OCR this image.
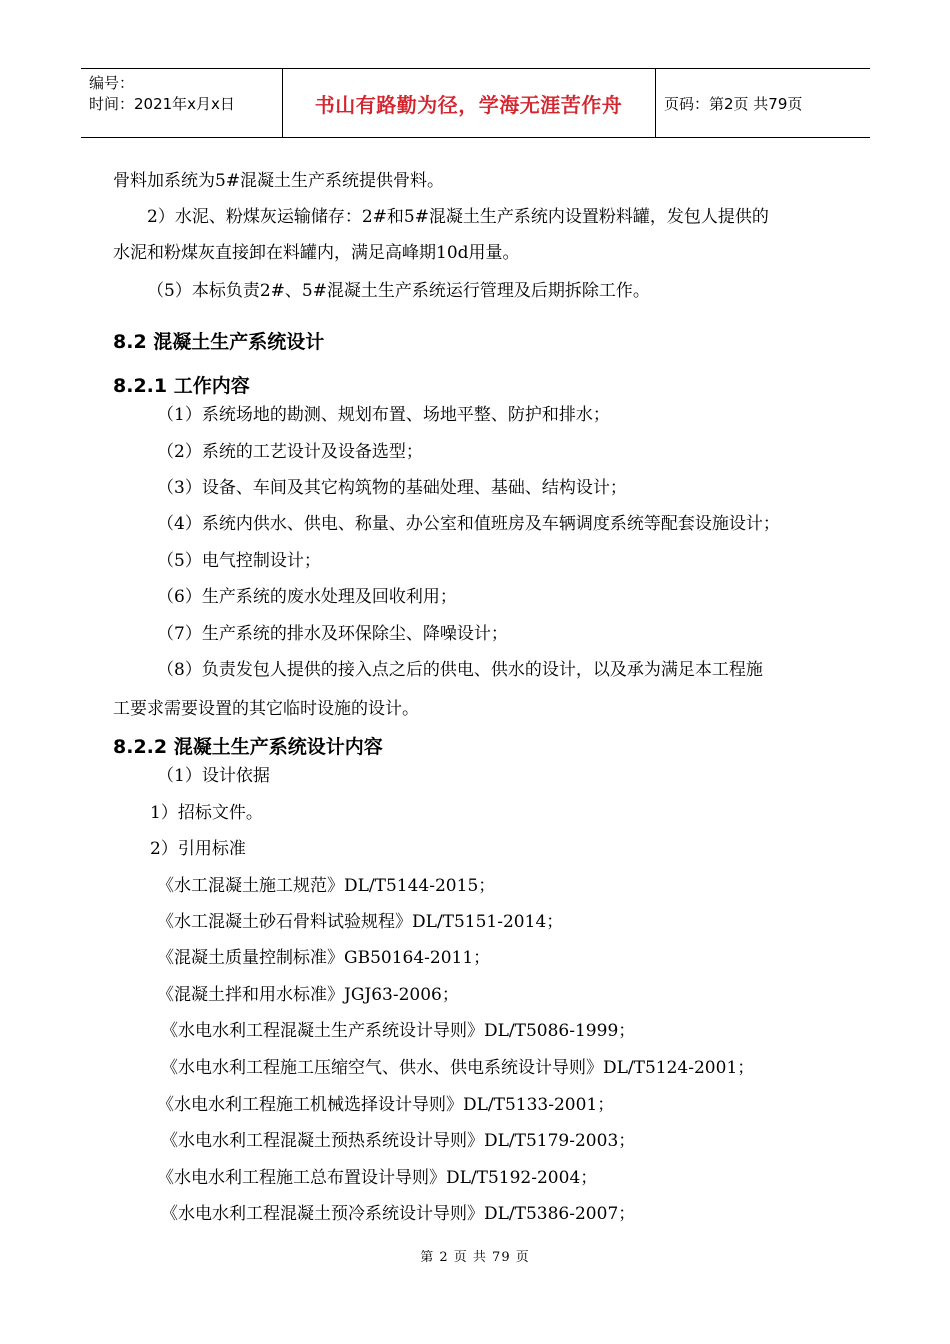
编号：
时间：2021年x月x日	书山有路勤为径，学海无涯苦作舟	页码：第2页 共79页
骨料加系统为5#混凝土生产系统提供骨料。
2）水泥、粉煤灰运输储存：2#和5#混凝土生产系统内设置粉料罐，发包人提供的
水泥和粉煤灰直接卸在料罐内，满足高峰期10d用量。
（5）本标负责2#、5#混凝土生产系统运行管理及后期拆除工作。
8.2 混凝土生产系统设计
8.2.1 工作内容
（1）系统场地的勘测、规划布置、场地平整、防护和排水；
（2）系统的工艺设计及设备选型；
（3）设备、车间及其它构筑物的基础处理、基础、结构设计；
（4）系统内供水、供电、称量、办公室和值班房及车辆调度系统等配套设施设计；
（5）电气控制设计；
（6）生产系统的废水处理及回收利用；
（7）生产系统的排水及环保除尘、降噪设计；
（8）负责发包人提供的接入点之后的供电、供水的设计，以及承为满足本工程施
工要求需要设置的其它临时设施的设计。
8.2.2 混凝土生产系统设计内容
（1）设计依据
1）招标文件。
2）引用标准
《水工混凝土施工规范》DL/T5144-2015；
《水工混凝土砂石骨料试验规程》DL/T5151-2014；
《混凝土质量控制标准》GB50164-2011；
《混凝土拌和用水标准》JGJ63-2006；
《水电水利工程混凝土生产系统设计导则》DL/T5086-1999；
《水电水利工程施工压缩空气、供水、供电系统设计导则》DL/T5124-2001；
《水电水利工程施工机械选择设计导则》DL/T5133-2001；
《水电水利工程混凝土预热系统设计导则》DL/T5179-2003；
《水电水利工程施工总布置设计导则》DL/T5192-2004；
《水电水利工程混凝土预冷系统设计导则》DL/T5386-2007；
第 2 页 共 79 页
